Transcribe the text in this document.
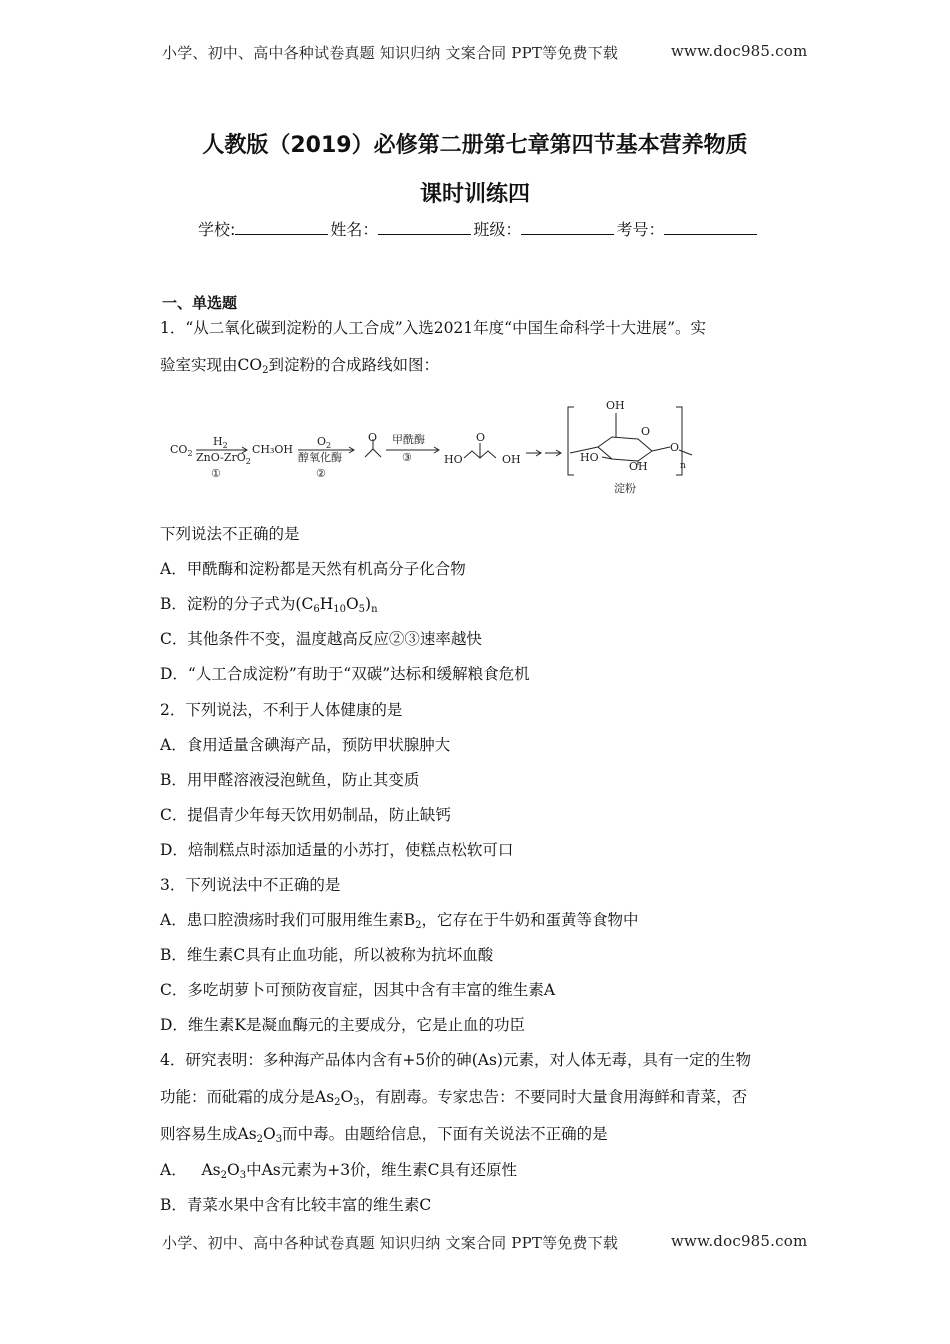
小学、初中、高中各种试卷真题 知识归纳 文案合同 PPT等免费下载	www.doc985.com
人教版（2019）必修第二册第七章第四节基本营养物质
课时训练四
学校:	姓名：	班级：	考号：
一、单选题
1．“从二氧化碳到淀粉的人工合成”入选2021年度“中国生命科学十大进展”。实
验室实现由$CO_2$到淀粉的合成路线如图：
$CO_2$
$H_2$
ZnO-ZrO$_2$
①
CH₃OH
$O_2$
醇氧化酶
②
O 甲酰酶
③	HO
O
OH
OH
O
O
HO
OH	n
淀粉
下列说法不正确的是
A．甲酰酶和淀粉都是天然有机高分子化合物
B．淀粉的分子式为$(C_6H_{10}O_5)_n$
C．其他条件不变，温度越高反应②③速率越快
D．“人工合成淀粉”有助于“双碳”达标和缓解粮食危机
2．下列说法，不利于人体健康的是
A．食用适量含碘海产品，预防甲状腺肿大
B．用甲醛溶液浸泡鱿鱼，防止其变质
C．提倡青少年每天饮用奶制品，防止缺钙
D．焙制糕点时添加适量的小苏打，使糕点松软可口
3．下列说法中不正确的是
A．患口腔溃疡时我们可服用维生素$B_2$，它存在于牛奶和蛋黄等食物中
B．维生素C具有止血功能，所以被称为抗坏血酸
C．多吃胡萝卜可预防夜盲症，因其中含有丰富的维生素A
D．维生素K是凝血酶元的主要成分，它是止血的功臣
4．研究表明：多种海产品体内含有+5价的砷(As)元素，对人体无毒，具有一定的生物
功能：而砒霜的成分是$As_2O_3$，有剧毒。专家忠告：不要同时大量食用海鲜和青菜，否
则容易生成$As_2O_3$而中毒。由题给信息，下面有关说法不正确的是
A．   $As_2O_3$中As元素为+3价，维生素C具有还原性
B．青菜水果中含有比较丰富的维生素C
小学、初中、高中各种试卷真题 知识归纳 文案合同 PPT等免费下载	www.doc985.com
